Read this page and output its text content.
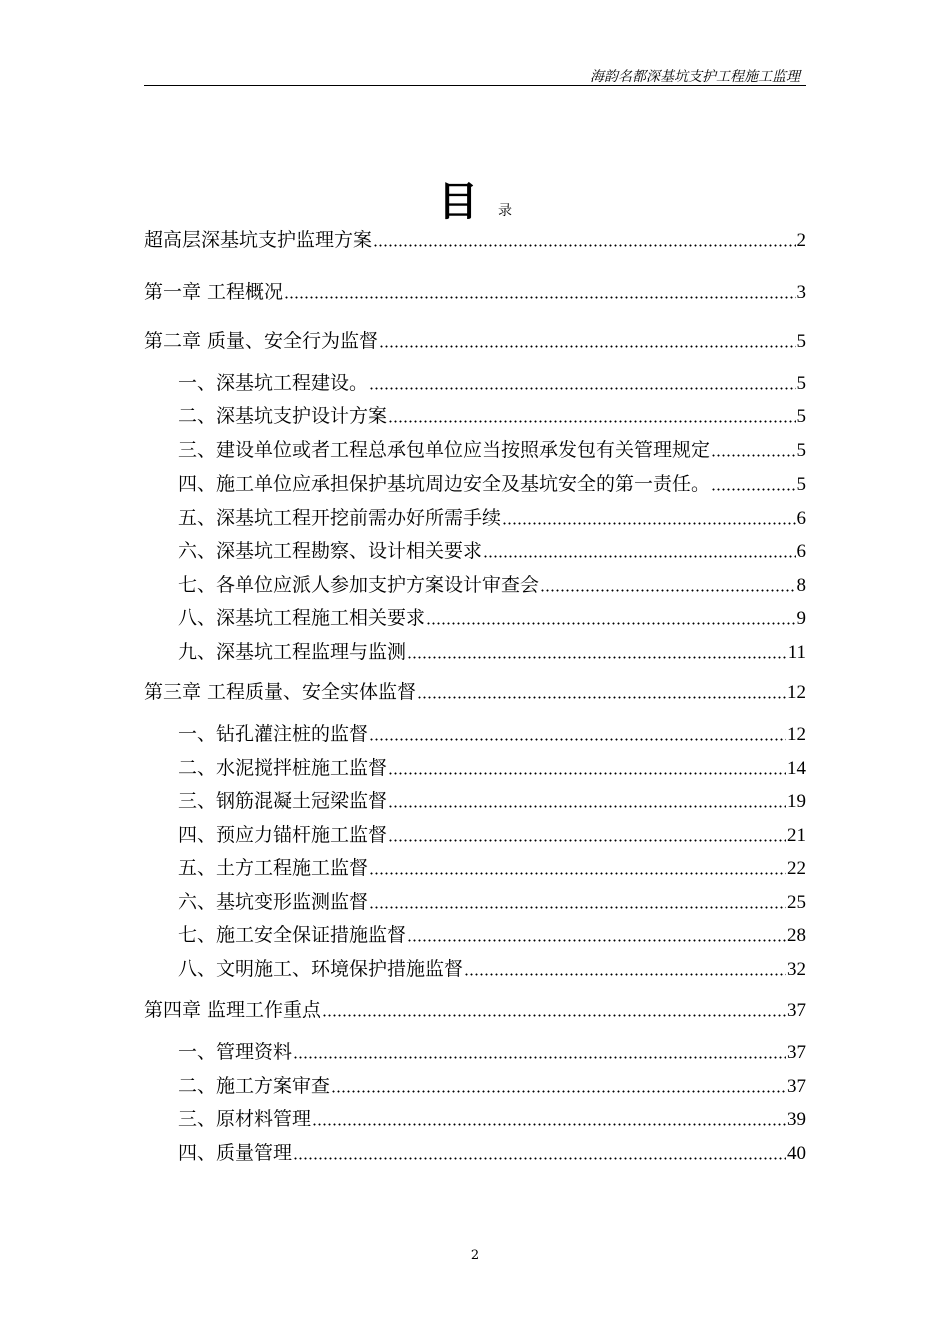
海韵名都深基坑支护工程施工监理
目 录
超高层深基坑支护监理方案	2
第一章 工程概况	3
第二章 质量、安全行为监督	5
一、深基坑工程建设。	5
二、深基坑支护设计方案	5
三、建设单位或者工程总承包单位应当按照承发包有关管理规定	5
四、施工单位应承担保护基坑周边安全及基坑安全的第一责任。	5
五、深基坑工程开挖前需办好所需手续	6
六、深基坑工程勘察、设计相关要求	6
七、各单位应派人参加支护方案设计审查会	8
八、深基坑工程施工相关要求	9
九、深基坑工程监理与监测	11
第三章 工程质量、安全实体监督	12
一、钻孔灌注桩的监督	12
二、水泥搅拌桩施工监督	14
三、钢筋混凝土冠梁监督	19
四、预应力锚杆施工监督	21
五、土方工程施工监督	22
六、基坑变形监测监督	25
七、施工安全保证措施监督	28
八、文明施工、环境保护措施监督	32
第四章 监理工作重点	37
一、管理资料	37
二、施工方案审查	37
三、原材料管理	39
四、质量管理	40
2
